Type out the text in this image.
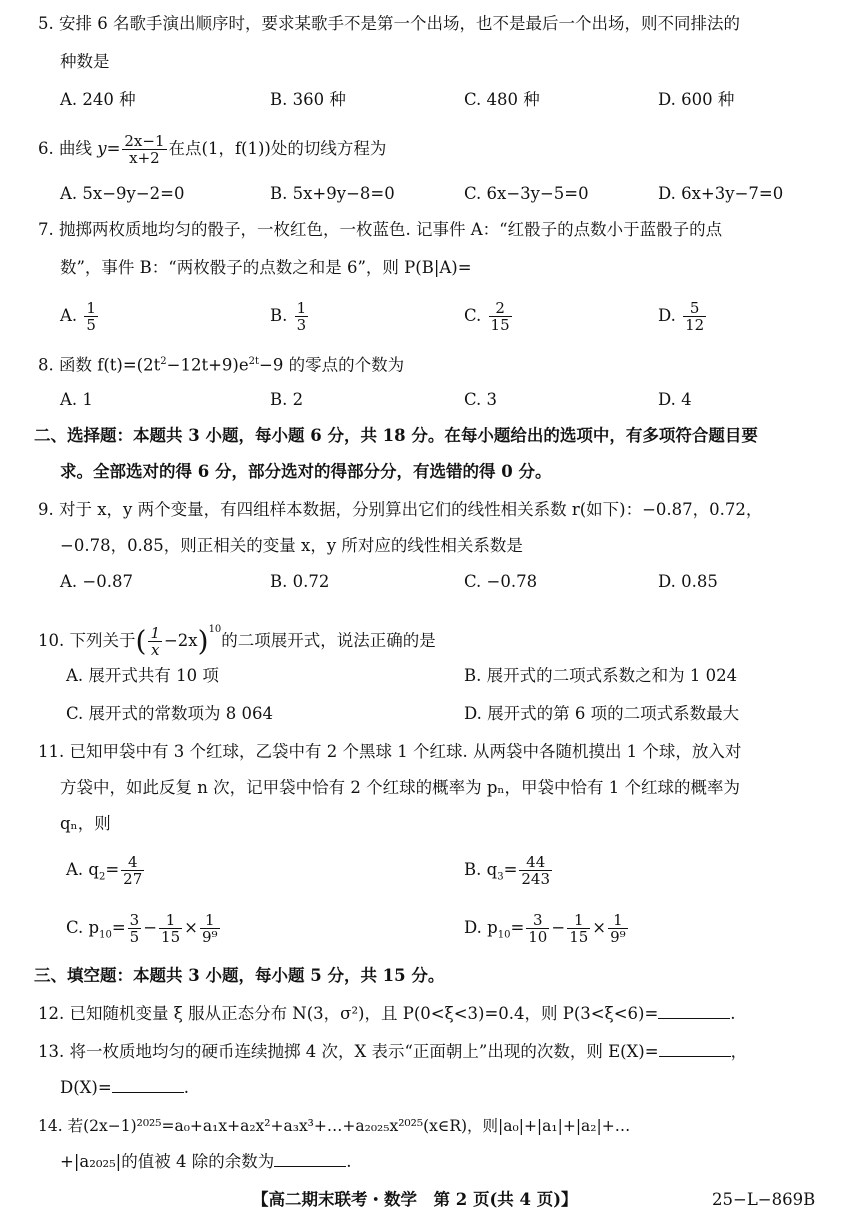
5. 安排 6 名歌手演出顺序时，要求某歌手不是第一个出场，也不是最后一个出场，则不同排法的
种数是
A. 240 种	B. 360 种	C. 480 种	D. 600 种
6. 曲线 $y= \frac{2x-1}{x+2}$ 在点(1，f(1))处的切线方程为
A. 5x−9y−2=0	B. 5x+9y−8=0	C. 6x−3y−5=0	D. 6x+3y−7=0
7. 抛掷两枚质地均匀的骰子，一枚红色，一枚蓝色. 记事件 A：“红骰子的点数小于蓝骰子的点
数”，事件 B：“两枚骰子的点数之和是 6”，则 P(B|A)=
A. $\frac{1}{5}$	B. $\frac{1}{3}$	C. $\frac{2}{15}$	D. $\frac{5}{12}$
8. 函数 $f(t)=(2t^2-12t+9)e^{2t}-9$ 的零点的个数为
A. 1	B. 2	C. 3	D. 4
二、选择题：本题共 3 小题，每小题 6 分，共 18 分。在每小题给出的选项中，有多项符合题目要
求。全部选对的得 6 分，部分选对的得部分分，有选错的得 0 分。
9. 对于 x，y 两个变量，有四组样本数据，分别算出它们的线性相关系数 r(如下)：−0.87，0.72，
−0.78，0.85，则正相关的变量 x，y 所对应的线性相关系数是
A. −0.87	B. 0.72	C. −0.78	D. 0.85
10. 下列关于( $\frac{1}{x} -2x)^{10}$的二项展开式，说法正确的是
A. 展开式共有 10 项	B. 展开式的二项式系数之和为 1 024
C. 展开式的常数项为 8 064	D. 展开式的第 6 项的二项式系数最大
11. 已知甲袋中有 3 个红球，乙袋中有 2 个黑球 1 个红球. 从两袋中各随机摸出 1 个球，放入对
方袋中，如此反复 n 次，记甲袋中恰有 2 个红球的概率为 pₙ，甲袋中恰有 1 个红球的概率为
qₙ，则
A. $q_2= \frac{4}{27}$	B. $q_3= \frac{44}{243}$
C. $p_{10}= \frac{3}{5} - \frac{1}{15} \times \frac{1}{\text{9⁹}}$	D. $p_{10}= \frac{3}{10} - \frac{1}{15} \times \frac{1}{\text{9⁹}}$
三、填空题：本题共 3 小题，每小题 5 分，共 15 分。
12. 已知随机变量 ξ 服从正态分布 N(3，σ²)，且 P(0<ξ<3)=0.4，则 P(3<ξ<6)=	.
13. 将一枚质地均匀的硬币连续抛掷 4 次，X 表示“正面朝上”出现的次数，则 E(X)=	，
D(X)=	.
14. 若(2x−1)²⁰²⁵=a₀+a₁x+a₂x²+a₃x³+…+a₂₀₂₅x²⁰²⁵(x∈R)，则|a₀|+|a₁|+|a₂|+…
+|a₂₀₂₅|的值被 4 除的余数为	.
【高二期末联考・数学　第 2 页(共 4 页)】	25−L−869B
